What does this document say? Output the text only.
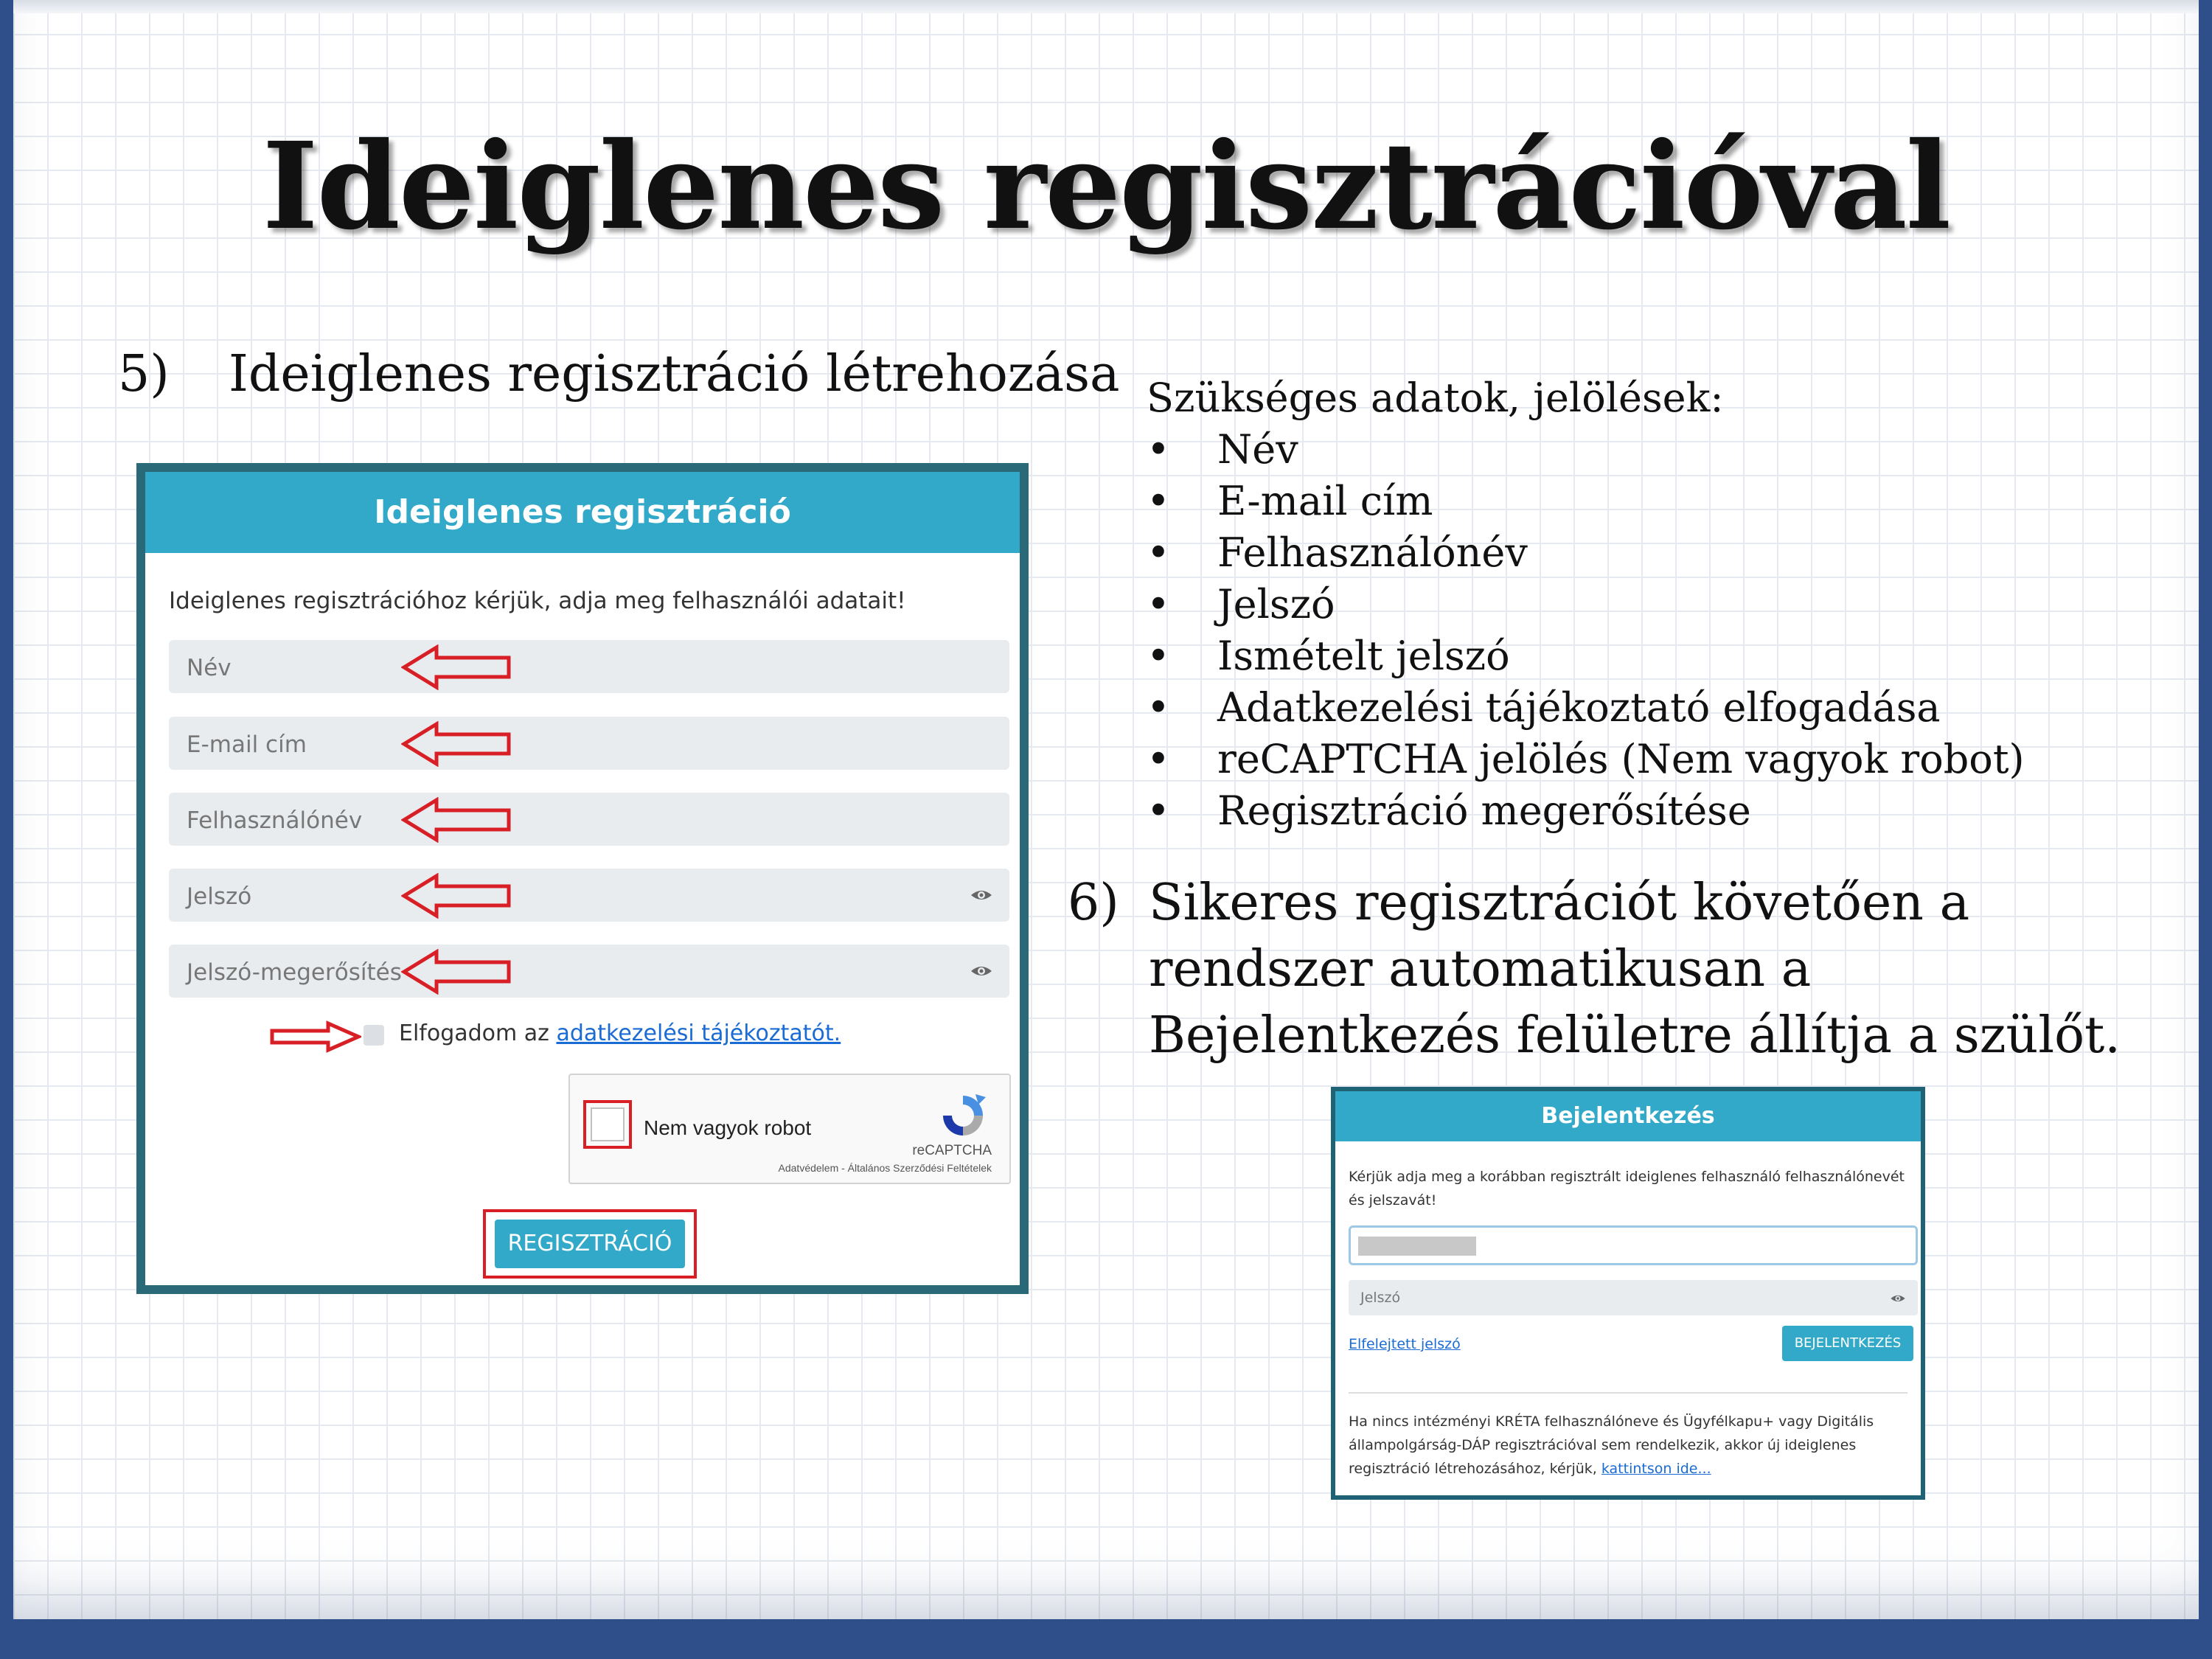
Ideiglenes regisztrációval
5) Ideiglenes regisztráció létrehozása
Ideiglenes regisztráció
Ideiglenes regisztrációhoz kérjük, adja meg felhasználói adatait!
Név
E-mail cím
Felhasználónév
Jelszó
Jelszó-megerősítés
Elfogadom az adatkezelési tájékoztatót.
Nem vagyok robot
reCAPTCHA
Adatvédelem - Általános Szerződési Feltételek
REGISZTRÁCIÓ
Szükséges adatok, jelölések:
• Név
• E-mail cím
• Felhasználónév
• Jelszó
• Ismételt jelszó
• Adatkezelési tájékoztató elfogadása
• reCAPTCHA jelölés (Nem vagyok robot)
• Regisztráció megerősítése
6) Sikeres regisztrációt követően a rendszer automatikusan a Bejelentkezés felületre állítja a szülőt.
Bejelentkezés
Kérjük adja meg a korábban regisztrált ideiglenes felhasználó felhasználónevét és jelszavát!
Jelszó
Elfelejtett jelszó	BEJELENTKEZÉS
Ha nincs intézményi KRÉTA felhasználóneve és Ügyfélkapu+ vagy Digitális állampolgárság-DÁP regisztrációval sem rendelkezik, akkor új ideiglenes regisztráció létrehozásához, kérjük, kattintson ide...
